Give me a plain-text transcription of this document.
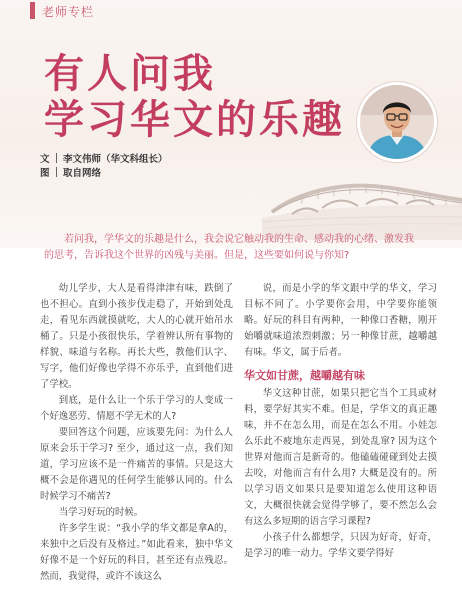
老师专栏
有人问我
学习华文的乐趣
文 李文伟师（华文科组长）
图 取自网络
若问我，学华文的乐趣是什么，我会说它触动我的生命、感动我的心绪、激发我的思考，告诉我这个世界的凶残与美丽。但是，这些要如何说与你知?

幼儿学步，大人是看得津津有味，跌倒了也不担心。直到小孩步伐走稳了，开始到处乱走，看见东西就摸就吃，大人的心就开始吊水桶了。只是小孩很快乐，学着辨认所有事物的样貌、味道与名称。再长大些，教他们认字、写字，他们好像也学得不亦乐乎，直到他们进了学校。

到底，是什么让一个乐于学习的人变成一个好逸恶劳、情愿不学无术的人?

要回答这个问题，应该要先问：为什么人原来会乐于学习? 至少，通过这一点，我们知道，学习应该不是一件痛苦的事情。只是这大概不会是你遇见的任何学生能够认同的。什么时候学习不痛苦?

当学习好玩的时候。

许多学生说：“我小学的华文都是拿A的，来独中之后没有及格过。”如此看来，独中华文好像不是一个好玩的科目，甚至还有点残忍。然而，我觉得，或许不该这么

说，而是小学的华文跟中学的华文，学习目标不同了。小学要你会用，中学要你能领略。好玩的科目有两种，一种像口香糖，刚开始嚼就味道浓烈刺激；另一种像甘蔗，越嚼越有味。华文，属于后者。

华文如甘蔗，越嚼越有味

华文这种甘蔗，如果只把它当个工具或材料，要学好其实不难。但是，学华文的真正趣味，并不在怎么用，而是在怎么不用。小娃怎么乐此不疲地东走西晃，到处乱窜? 因为这个世界对他而言是新奇的。他磕磕碰碰到处去摸去咬，对他而言有什么用? 大概是没有的。所以学习语文如果只是要知道怎么使用这种语文，大概很快就会觉得学够了，要不然怎么会有这么多短期的语言学习课程?

小孩子什么都想学，只因为好奇，好奇，是学习的唯一动力。学华文要学得好
